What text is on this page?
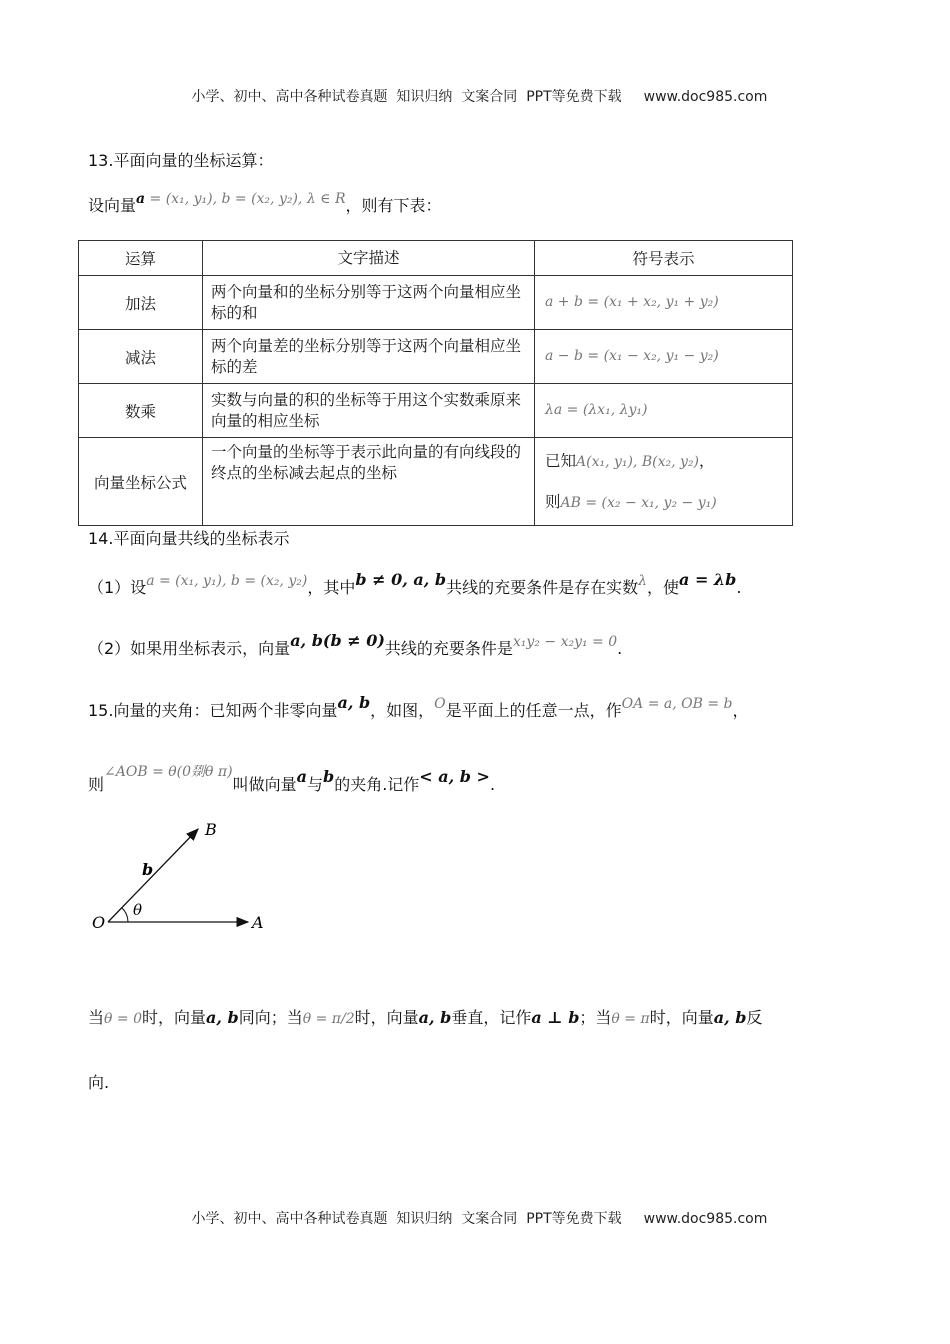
小学、初中、高中各种试卷真题  知识归纳  文案合同  PPT等免费下载 www.doc985.com

13.平面向量的坐标运算：
设向量a = (x₁, y₁), b = (x₂, y₂), λ ∈ R，则有下表：
运算	文字描述	符号表示
加法	两个向量和的坐标分别等于这两个向量相应坐标的和	a + b = (x₁ + x₂, y₁ + y₂)
减法	两个向量差的坐标分别等于这两个向量相应坐标的差	a − b = (x₁ − x₂, y₁ − y₂)
数乘	实数与向量的积的坐标等于用这个实数乘原来向量的相应坐标	λa = (λx₁, λy₁)
向量坐标公式	一个向量的坐标等于表示此向量的有向线段的终点的坐标减去起点的坐标	已知A(x₁, y₁), B(x₂, y₂)，
则AB = (x₂ − x₁, y₂ − y₁)
14.平面向量共线的坐标表示
（1）设a = (x₁, y₁), b = (x₂, y₂)，其中b ≠ 0, a, b共线的充要条件是存在实数λ，使a = λb.
（2）如果用坐标表示，向量a, b(b ≠ 0)共线的充要条件是x₁y₂ − x₂y₁ = 0.
15.向量的夹角：已知两个非零向量a, b，如图，O是平面上的任意一点，作OA = a, OB = b，
则∠AOB = θ(0剟θ π)叫做向量a与b的夹角.记作< a, b >.
B
b
θ
O	A
当θ = 0时，向量a, b同向；当θ = π/2时，向量a, b垂直，记作a ⊥ b；当θ = π时，向量a, b反
向.

小学、初中、高中各种试卷真题  知识归纳  文案合同  PPT等免费下载 www.doc985.com
